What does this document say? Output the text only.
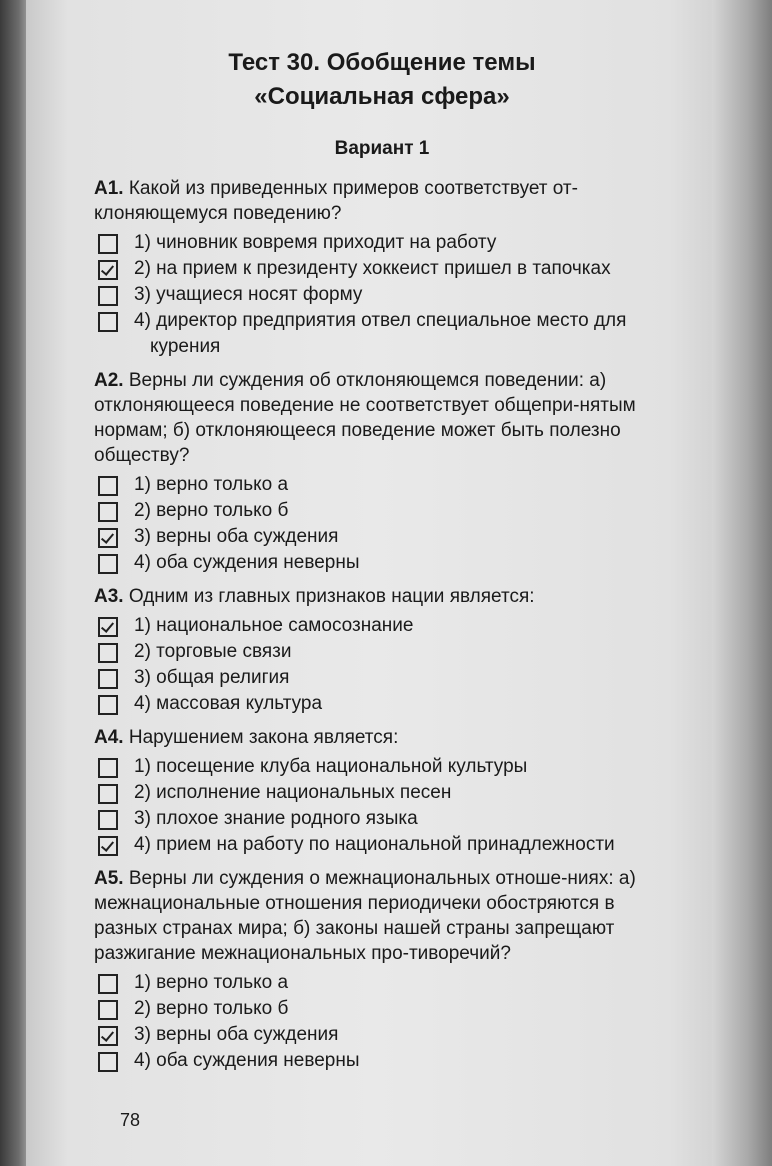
Тест 30. Обобщение темы

«Социальная сфера»

Вариант 1

А1. Какой из приведенных примеров соответствует от-клоняющемуся поведению?

1) чиновник вовремя приходит на работу

2) на прием к президенту хоккеист пришел в тапочках

3) учащиеся носят форму

4) директор предприятия отвел специальное место для

курения

А2. Верны ли суждения об отклоняющемся поведении: а) отклоняющееся поведение не соответствует общепри-нятым нормам; б) отклоняющееся поведение может быть полезно обществу?

1) верно только а

2) верно только б

3) верны оба суждения

4) оба суждения неверны

А3. Одним из главных признаков нации является:

1) национальное самосознание

2) торговые связи

3) общая религия

4) массовая культура

А4. Нарушением закона является:

1) посещение клуба национальной культуры

2) исполнение национальных песен

3) плохое знание родного языка

4) прием на работу по национальной принадлежности

А5. Верны ли суждения о межнациональных отноше-ниях: а) межнациональные отношения периодичеки обостряются в разных странах мира; б) законы нашей страны запрещают разжигание межнациональных про-тиворечий?

1) верно только а

2) верно только б

3) верны оба суждения

4) оба суждения неверны

78
